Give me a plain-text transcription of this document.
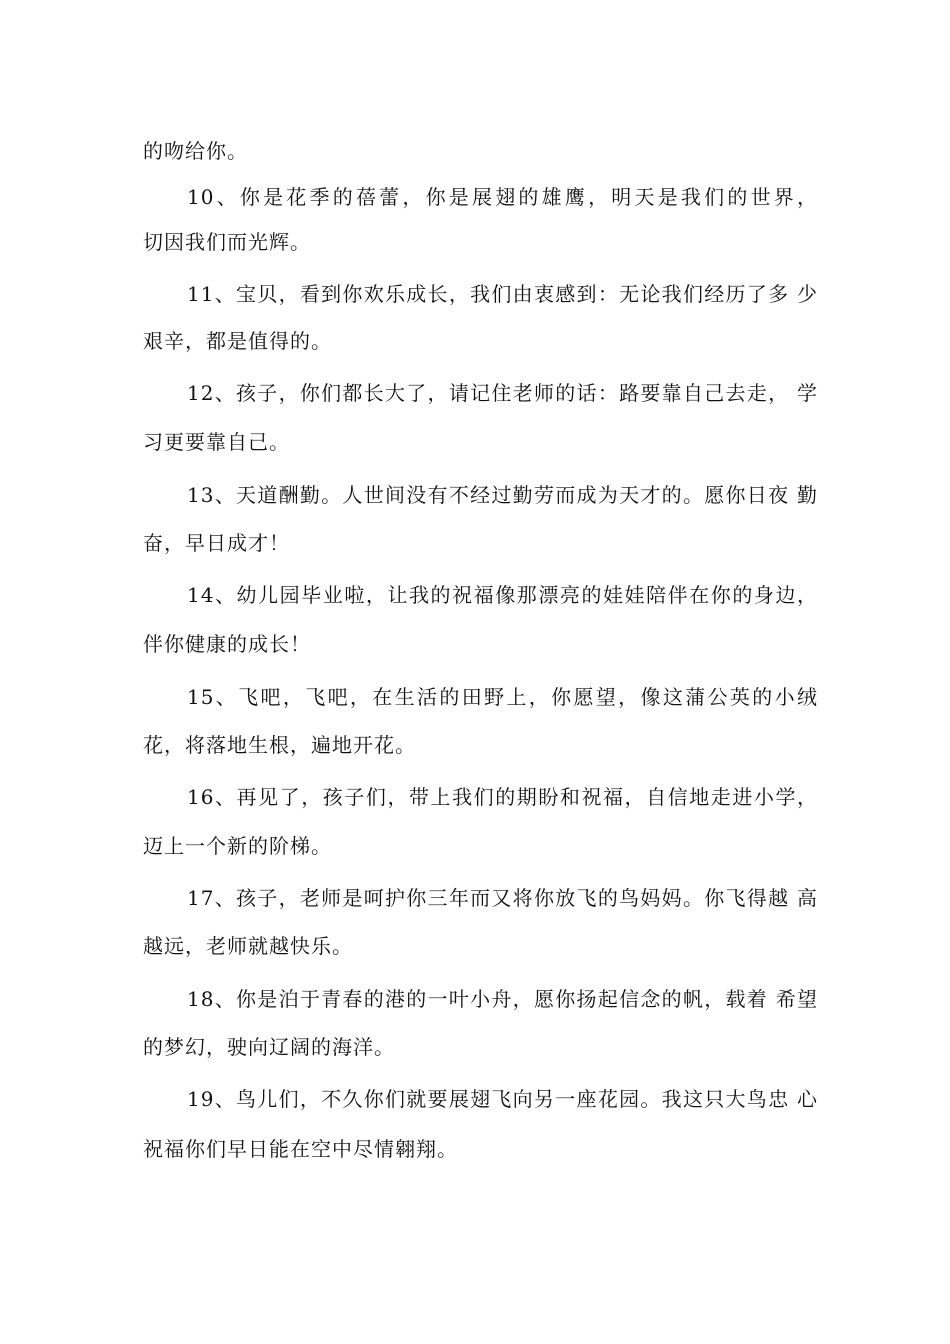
的吻给你。
10、你是花季的蓓蕾，你是展翅的雄鹰，明天是我们的世界，
切因我们而光辉。
11、宝贝，看到你欢乐成长，我们由衷感到：无论我们经历了多 少
艰辛，都是值得的。
12、孩子，你们都长大了，请记住老师的话：路要靠自己去走， 学
习更要靠自己。
13、天道酬勤。人世间没有不经过勤劳而成为天才的。愿你日夜 勤
奋，早日成才！
14、幼儿园毕业啦，让我的祝福像那漂亮的娃娃陪伴在你的身边，
伴你健康的成长！
15、飞吧，飞吧，在生活的田野上，你愿望，像这蒲公英的小绒
花，将落地生根，遍地开花。
16、再见了，孩子们，带上我们的期盼和祝福，自信地走进小学，
迈上一个新的阶梯。
17、孩子，老师是呵护你三年而又将你放飞的鸟妈妈。你飞得越 高
越远，老师就越快乐。
18、你是泊于青春的港的一叶小舟，愿你扬起信念的帆，载着 希望
的梦幻，驶向辽阔的海洋。
19、鸟儿们，不久你们就要展翅飞向另一座花园。我这只大鸟忠 心
祝福你们早日能在空中尽情翱翔。
